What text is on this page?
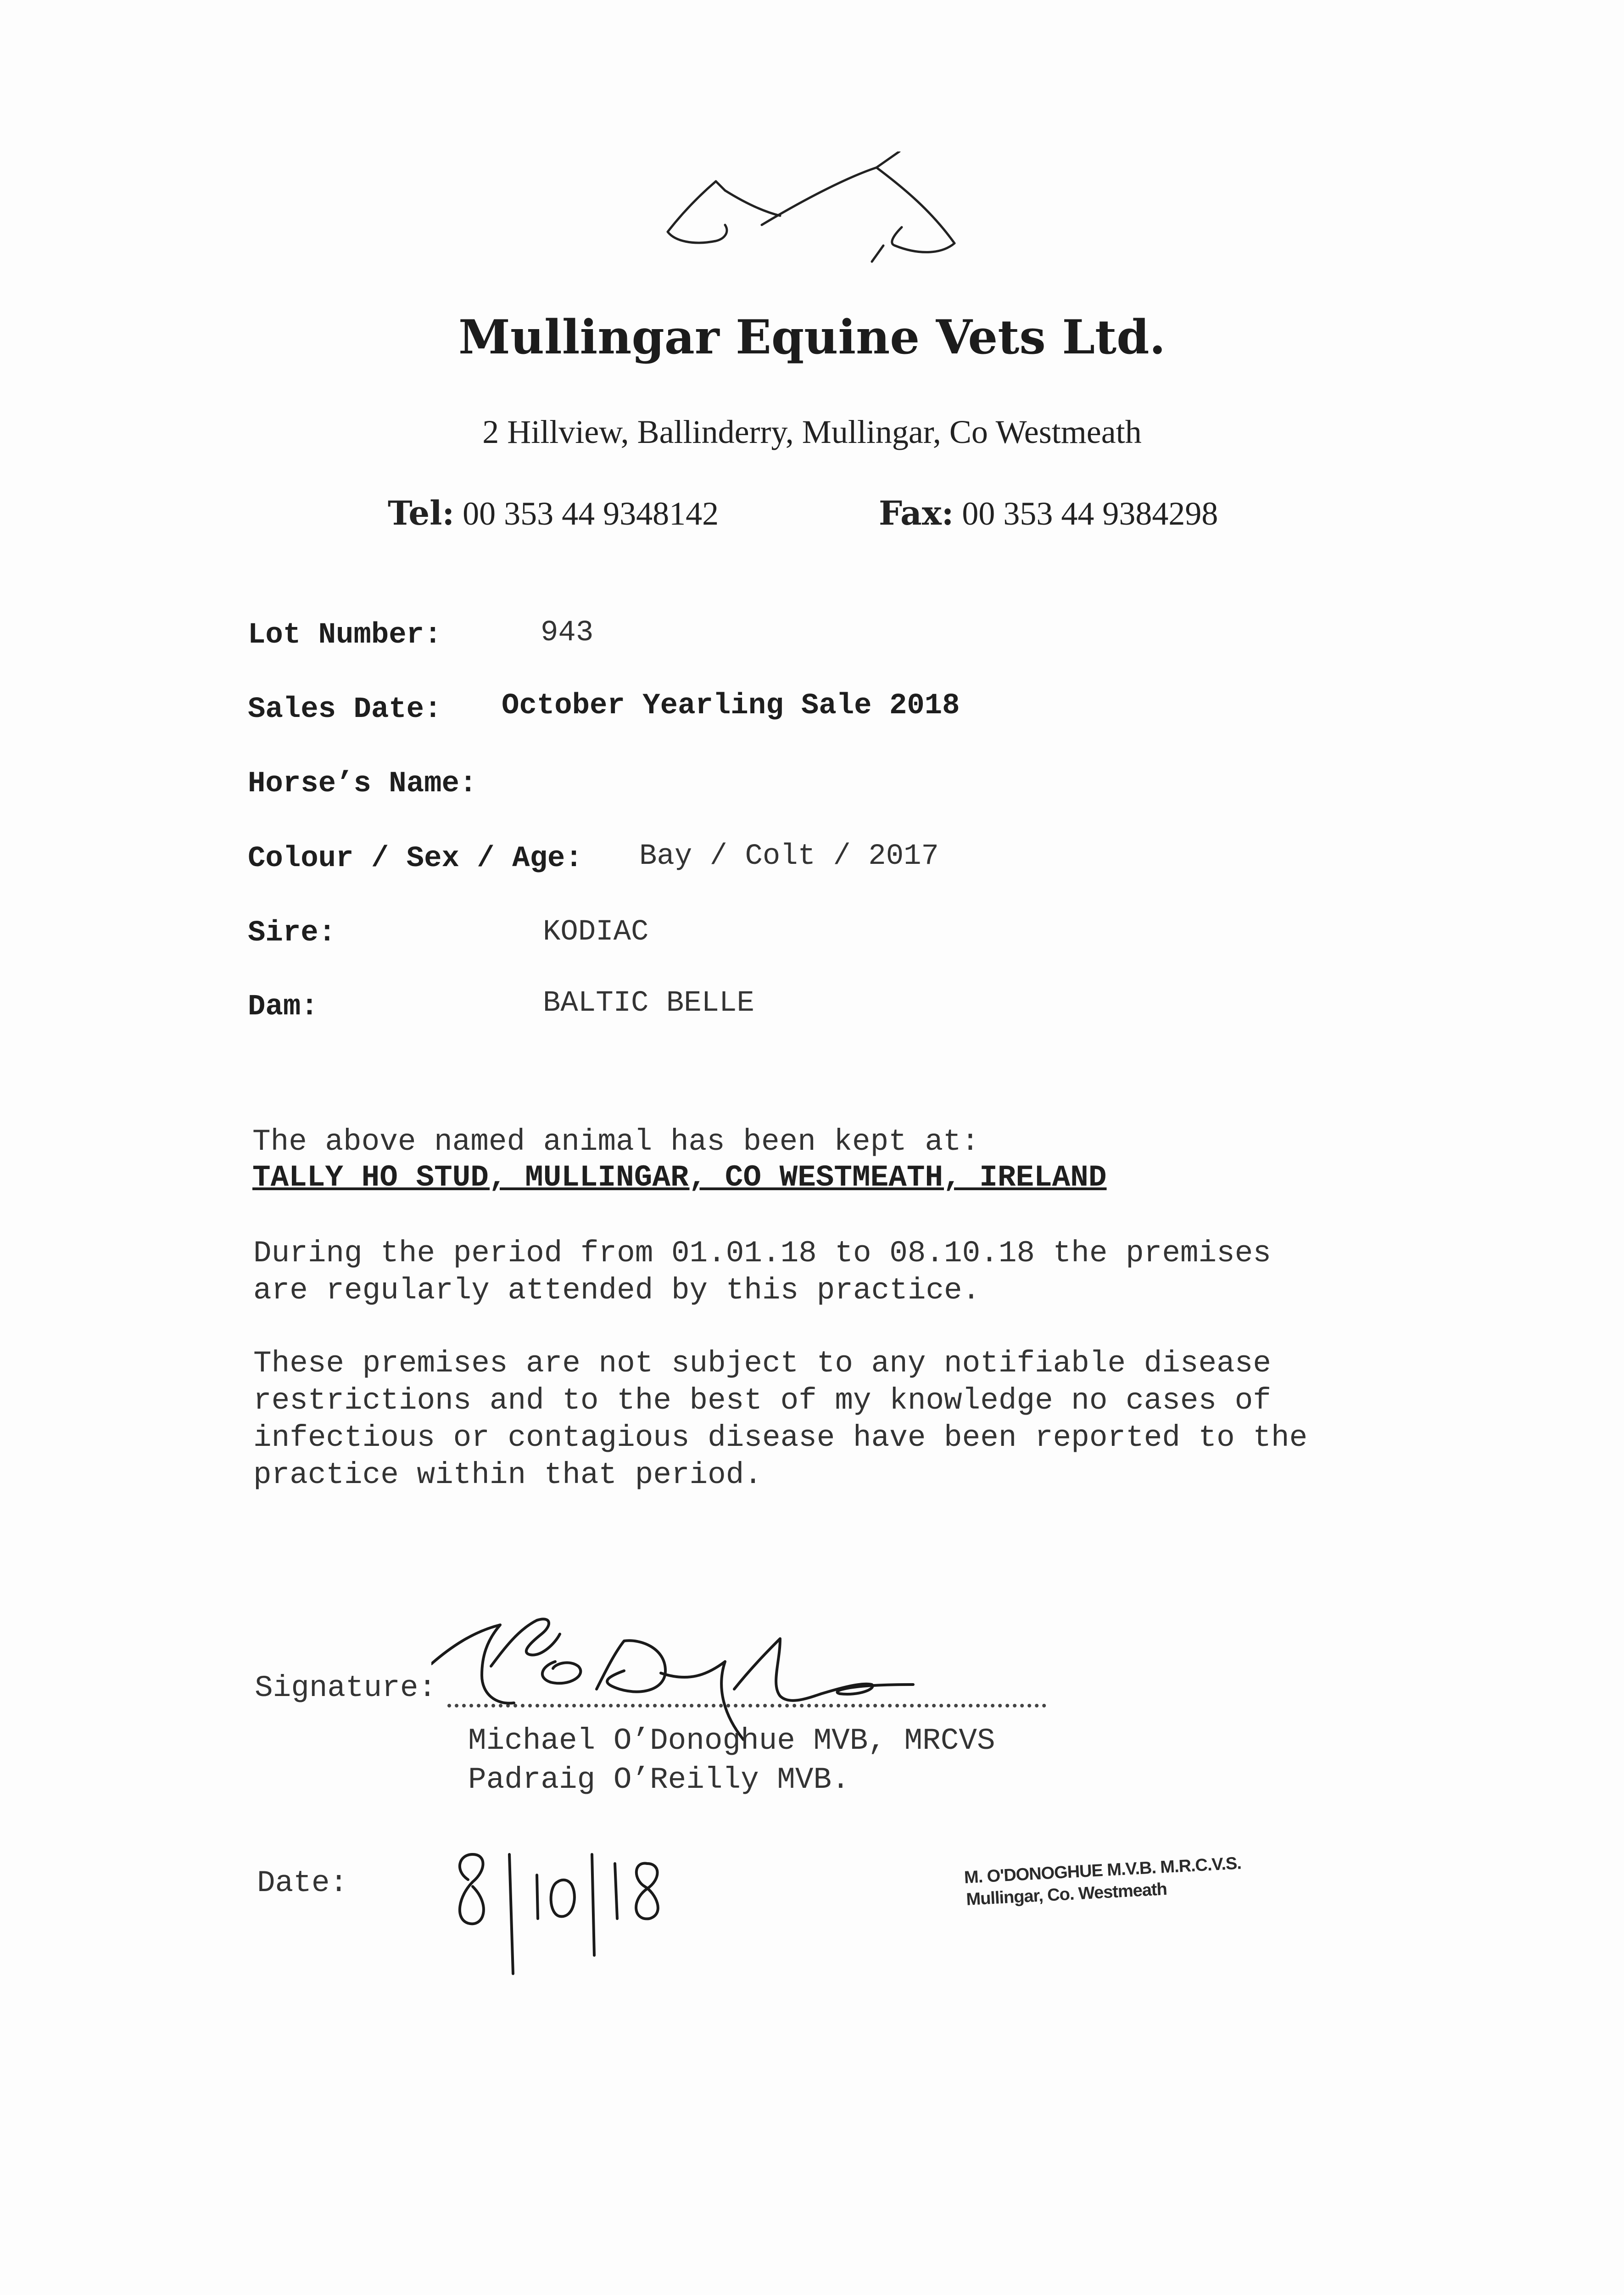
Mullingar Equine Vets Ltd.
2 Hillview, Ballinderry, Mullingar, Co Westmeath
Tel: 00 353 44 9348142	Fax: 00 353 44 9384298
Lot Number:	943
Sales Date: October Yearling Sale 2018
Horse’s Name:
Colour / Sex / Age: Bay / Colt / 2017
Sire:	KODIAC
Dam:	BALTIC BELLE
The above named animal has been kept at:
TALLY HO STUD, MULLINGAR, CO WESTMEATH, IRELAND
During the period from 01.01.18 to 08.10.18 the premises
are regularly attended by this practice.
These premises are not subject to any notifiable disease
restrictions and to the best of my knowledge no cases of
infectious or contagious disease have been reported to the
practice within that period.
Signature:
Michael O’Donoghue MVB, MRCVS
Padraig O’Reilly MVB.
Date:	M. O'DONOGHUE M.V.B. M.R.C.V.S.
Mullingar, Co. Westmeath
